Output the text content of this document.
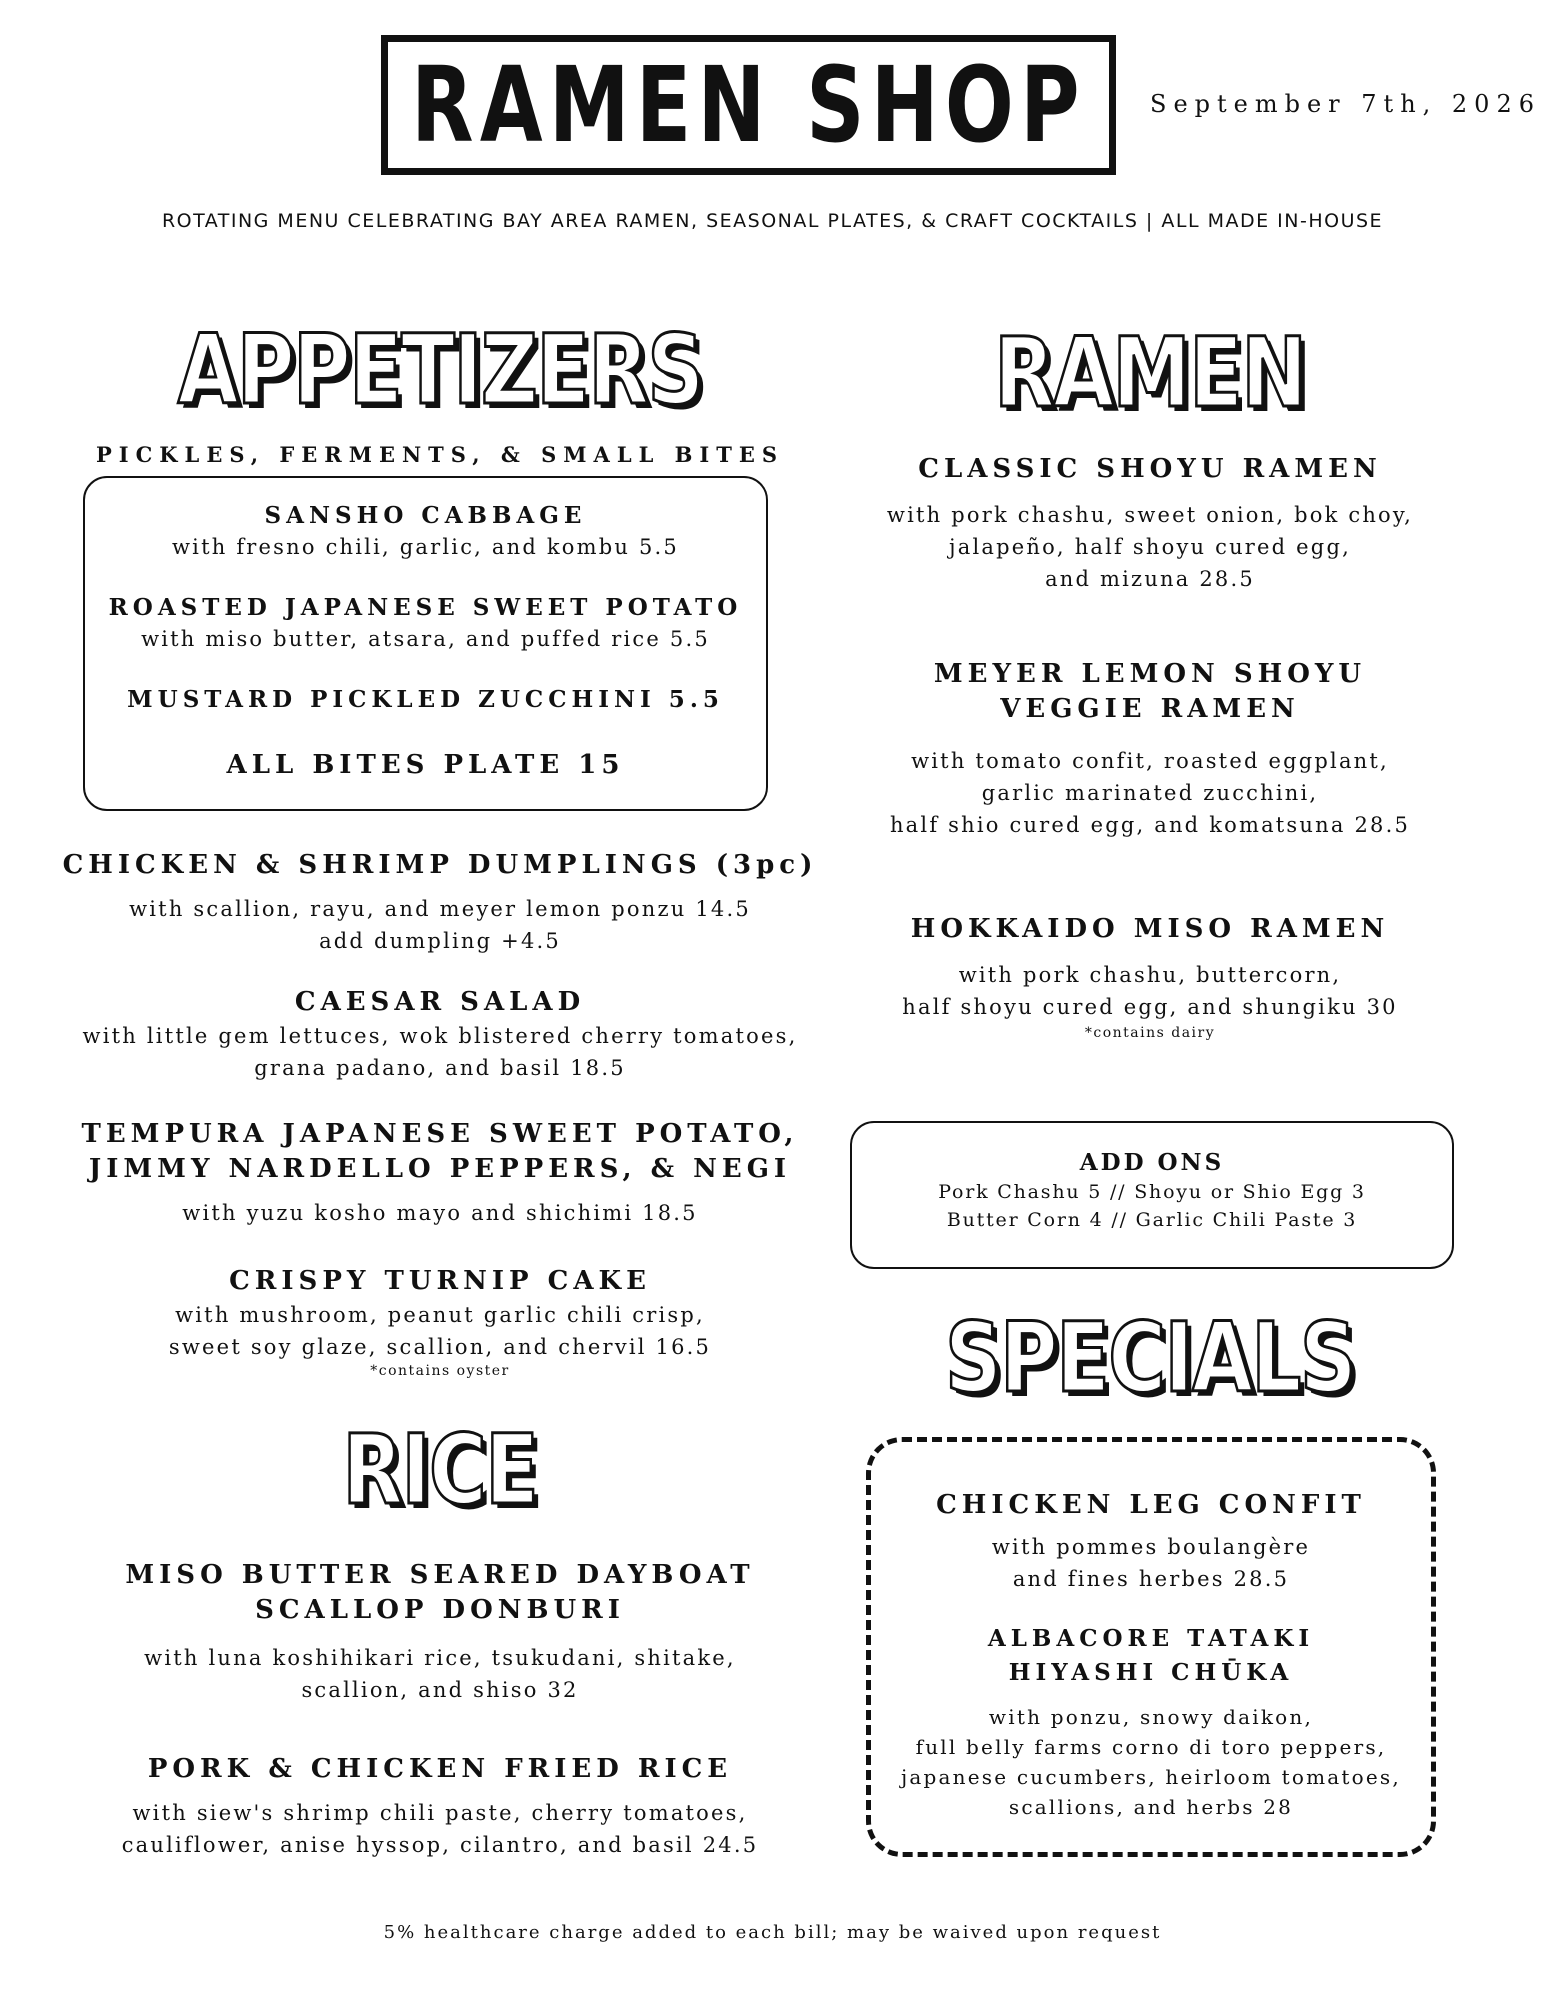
RAMEN SHOP	September 7th, 2026
ROTATING MENU CELEBRATING BAY AREA RAMEN, SEASONAL PLATES, & CRAFT COCKTAILS | ALL MADE IN-HOUSE
APPETIZERS
PICKLES, FERMENTS, & SMALL BITES
SANSHO CABBAGE
with fresno chili, garlic, and kombu 5.5
ROASTED JAPANESE SWEET POTATO
with miso butter, atsara, and puffed rice 5.5
MUSTARD PICKLED ZUCCHINI 5.5
ALL BITES PLATE 15
CHICKEN & SHRIMP DUMPLINGS (3pc)
with scallion, rayu, and meyer lemon ponzu 14.5
add dumpling +4.5
CAESAR SALAD
with little gem lettuces, wok blistered cherry tomatoes,
grana padano, and basil 18.5
TEMPURA JAPANESE SWEET POTATO,
JIMMY NARDELLO PEPPERS, & NEGI
with yuzu kosho mayo and shichimi 18.5
CRISPY TURNIP CAKE
with mushroom, peanut garlic chili crisp,
sweet soy glaze, scallion, and chervil 16.5
*contains oyster
RICE
MISO BUTTER SEARED DAYBOAT
SCALLOP DONBURI
with luna koshihikari rice, tsukudani, shitake,
scallion, and shiso 32
PORK & CHICKEN FRIED RICE
with siew's shrimp chili paste, cherry tomatoes,
cauliflower, anise hyssop, cilantro, and basil 24.5
RAMEN
CLASSIC SHOYU RAMEN
with pork chashu, sweet onion, bok choy,
jalapeño, half shoyu cured egg,
and mizuna 28.5
MEYER LEMON SHOYU
VEGGIE RAMEN
with tomato confit, roasted eggplant,
garlic marinated zucchini,
half shio cured egg, and komatsuna 28.5
HOKKAIDO MISO RAMEN
with pork chashu, buttercorn,
half shoyu cured egg, and shungiku 30
*contains dairy
ADD ONS
Pork Chashu 5 // Shoyu or Shio Egg 3
Butter Corn 4 // Garlic Chili Paste 3
SPECIALS
CHICKEN LEG CONFIT
with pommes boulangère
and fines herbes 28.5
ALBACORE TATAKI
HIYASHI CHŪKA
with ponzu, snowy daikon,
full belly farms corno di toro peppers,
japanese cucumbers, heirloom tomatoes,
scallions, and herbs 28
5% healthcare charge added to each bill; may be waived upon request
